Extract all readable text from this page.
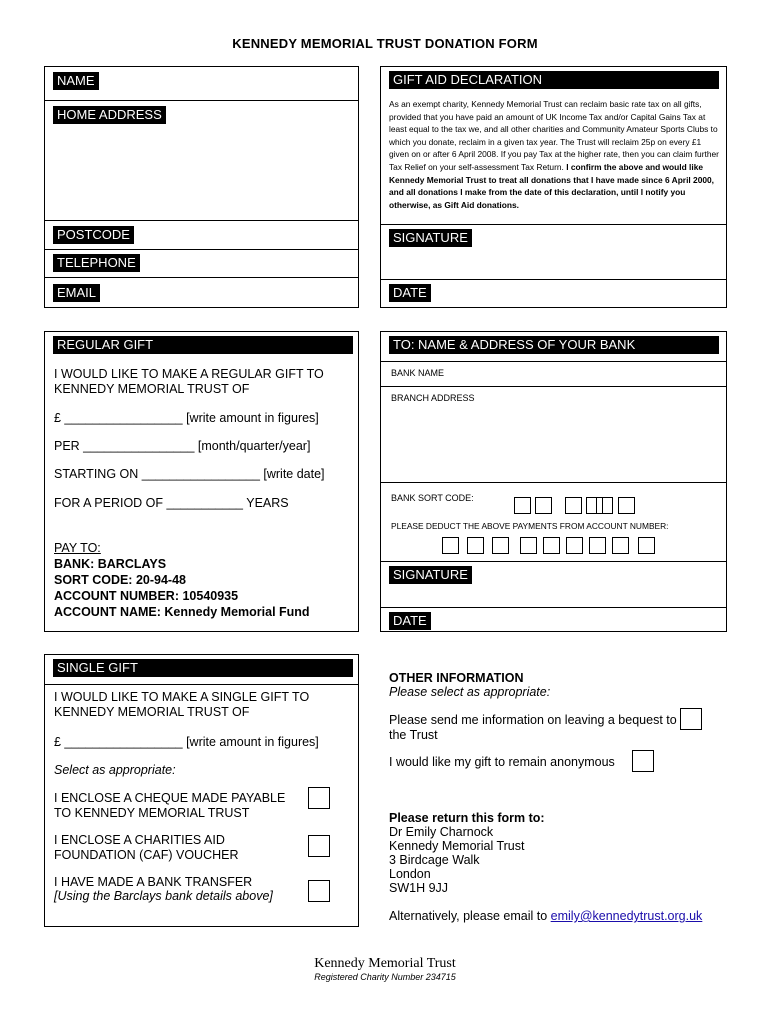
KENNEDY MEMORIAL TRUST DONATION FORM
NAME
HOME ADDRESS
POSTCODE
TELEPHONE
EMAIL
GIFT AID DECLARATION
SIGNATURE
DATE
As an exempt charity, Kennedy Memorial Trust can reclaim basic rate tax on all gifts, provided that you have paid an amount of UK Income Tax and/or Capital Gains Tax at least equal to the tax we, and all other charities and Community Amateur Sports Clubs to which you donate, reclaim in a given tax year. The Trust will reclaim 25p on every £1 given on or after 6 April 2008. If you pay Tax at the higher rate, then you can claim further Tax Relief on your self-assessment Tax Return. I confirm the above and would like Kennedy Memorial Trust to treat all donations that I have made since 6 April 2000, and all donations I make from the date of this declaration, until I notify you otherwise, as Gift Aid donations.
REGULAR GIFT
I WOULD LIKE TO MAKE A REGULAR GIFT TO KENNEDY MEMORIAL TRUST OF
£ _________________ [write amount in figures]
PER ________________ [month/quarter/year]
STARTING ON _________________ [write date]
FOR A PERIOD OF ___________ YEARS
PAY TO:
BANK: BARCLAYS
SORT CODE: 20-94-48
ACCOUNT NUMBER: 10540935
ACCOUNT NAME: Kennedy Memorial Fund
TO: NAME & ADDRESS OF YOUR BANK
SIGNATURE
DATE
BANK NAME
BRANCH ADDRESS
BANK SORT CODE:
PLEASE DEDUCT THE ABOVE PAYMENTS FROM ACCOUNT NUMBER:
SINGLE GIFT
I WOULD LIKE TO MAKE A SINGLE GIFT TO KENNEDY MEMORIAL TRUST OF
£ _________________ [write amount in figures]
Select as appropriate:
I ENCLOSE A CHEQUE MADE PAYABLE TO KENNEDY MEMORIAL TRUST
I ENCLOSE A CHARITIES AID FOUNDATION (CAF) VOUCHER
I HAVE MADE A BANK TRANSFER
[Using the Barclays bank details above]
OTHER INFORMATION
Please select as appropriate:
Please send me information on leaving a bequest to the Trust
I would like my gift to remain anonymous
Please return this form to:
Dr Emily Charnock
Kennedy Memorial Trust
3 Birdcage Walk
London
SW1H 9JJ
Alternatively, please email to emily@kennedytrust.org.uk
Kennedy Memorial Trust
Registered Charity Number 234715
